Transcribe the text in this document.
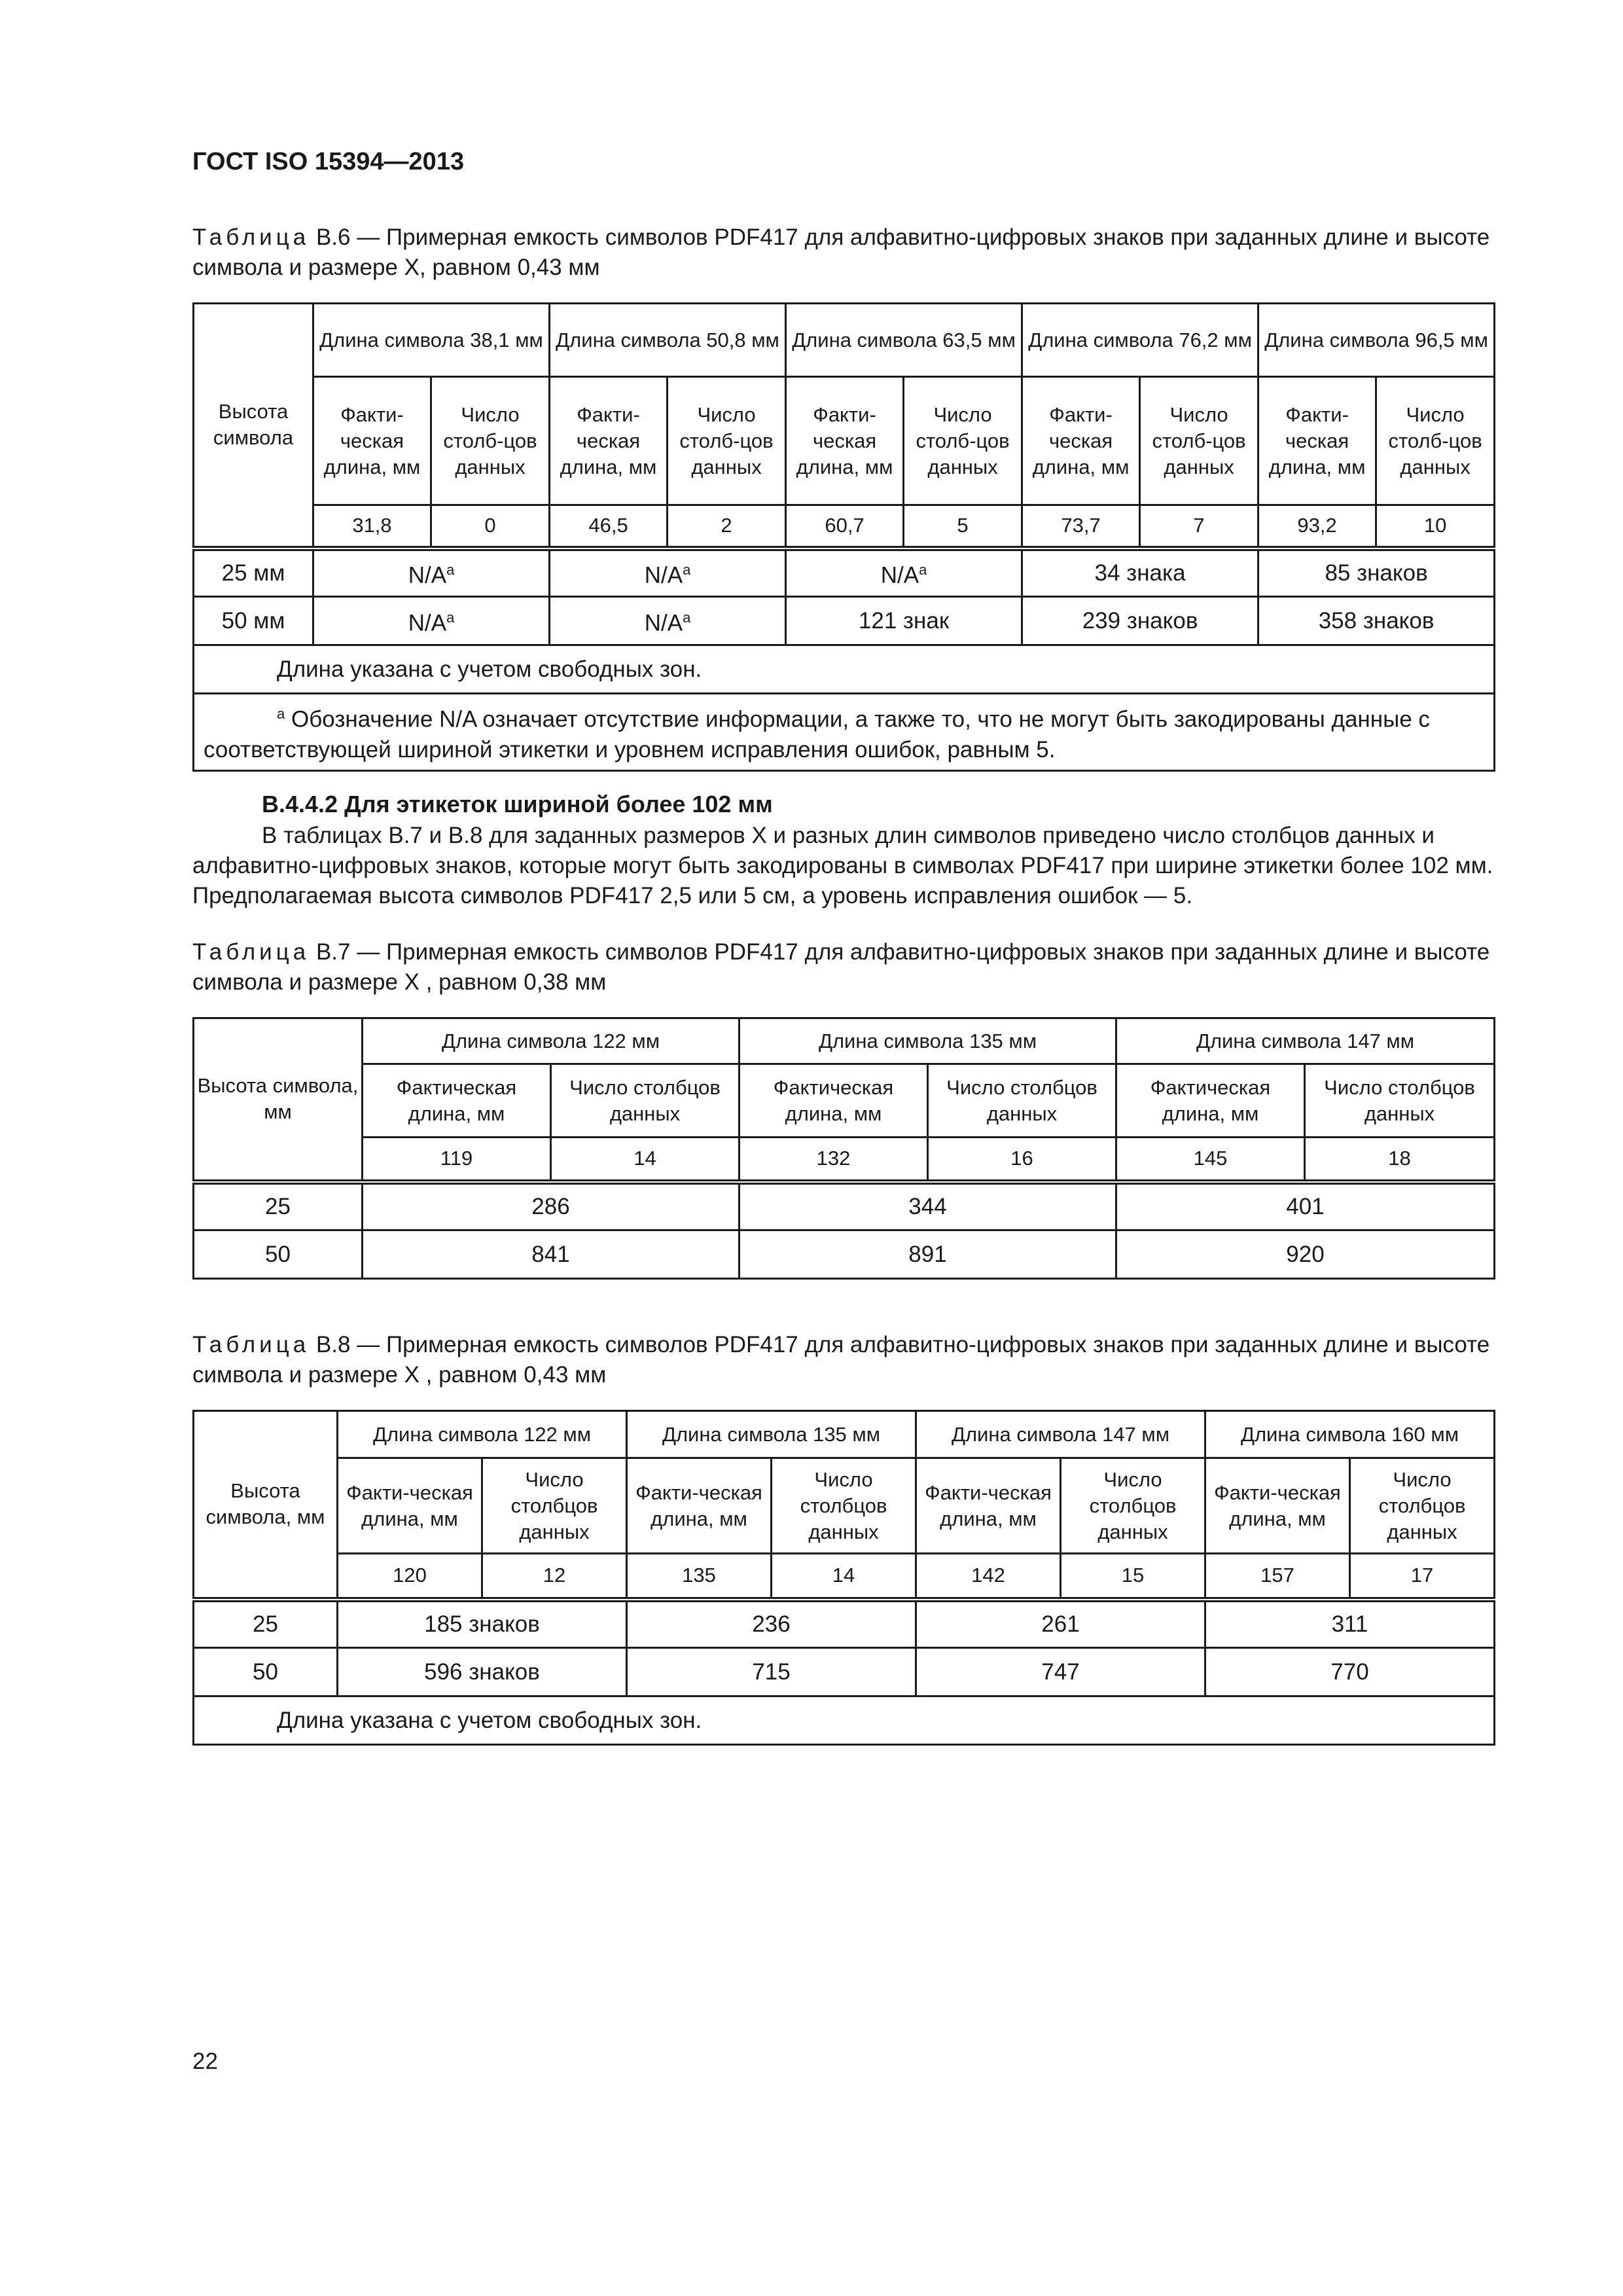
ГОСТ ISO 15394—2013
Таблица В.6 — Примерная емкость символов PDF417 для алфавитно-цифровых знаков при заданных длине и высоте символа и размере X, равном 0,43 мм
Высота символа	Длина символа 38,1 мм		Длина символа 50,8 мм		Длина символа 63,5 мм		Длина символа 76,2 мм		Длина символа 96,5 мм	
	Факти-ческая длина, мм	Число столб-цов данных	Факти-ческая длина, мм	Число столб-цов данных	Факти-ческая длина, мм	Число столб-цов данных	Факти-ческая длина, мм	Число столб-цов данных	Факти-ческая длина, мм	Число столб-цов данных
	31,8	0	46,5	2	60,7	5	73,7	7	93,2	10
25 мм	$N/A^а$		$N/A^а$		$N/A^а$		34 знака		85 знаков	
50 мм	$N/A^а$		$N/A^а$		121 знак		239 знаков		358 знаков	
Длина указана с учетом свободных зон.										
$^а$ Обозначение N/A означает отсутствие информации, а также то, что не могут быть закодированы данные с соответствующей шириной этикетки и уровнем исправления ошибок, равным 5.										
В.4.4.2 Для этикеток шириной более 102 мм

В таблицах В.7 и В.8 для заданных размеров X и разных длин символов приведено число столбцов данных и алфавитно-цифровых знаков, которые могут быть закодированы в символах PDF417 при ширине этикетки более 102 мм. Предполагаемая высота символов PDF417 2,5 или 5 см, а уровень исправления ошибок — 5.

Таблица В.7 — Примерная емкость символов PDF417 для алфавитно-цифровых знаков при заданных длине и высоте символа и размере X , равном 0,38 мм
Высота символа, мм	Длина символа 122 мм		Длина символа 135 мм		Длина символа 147 мм	
	Фактическая длина, мм	Число столбцов данных	Фактическая длина, мм	Число столбцов данных	Фактическая длина, мм	Число столбцов данных
	119	14	132	16	145	18
25	286		344		401	
50	841		891		920	
Таблица В.8 — Примерная емкость символов PDF417 для алфавитно-цифровых знаков при заданных длине и высоте символа и размере X , равном 0,43 мм
Высота символа, мм	Длина символа 122 мм		Длина символа 135 мм		Длина символа 147 мм		Длина символа 160 мм	
	Факти-ческая длина, мм	Число столбцов данных	Факти-ческая длина, мм	Число столбцов данных	Факти-ческая длина, мм	Число столбцов данных	Факти-ческая длина, мм	Число столбцов данных
	120	12	135	14	142	15	157	17
25	185 знаков		236		261		311	
50	596 знаков		715		747		770	
Длина указана с учетом свободных зон.								
22
